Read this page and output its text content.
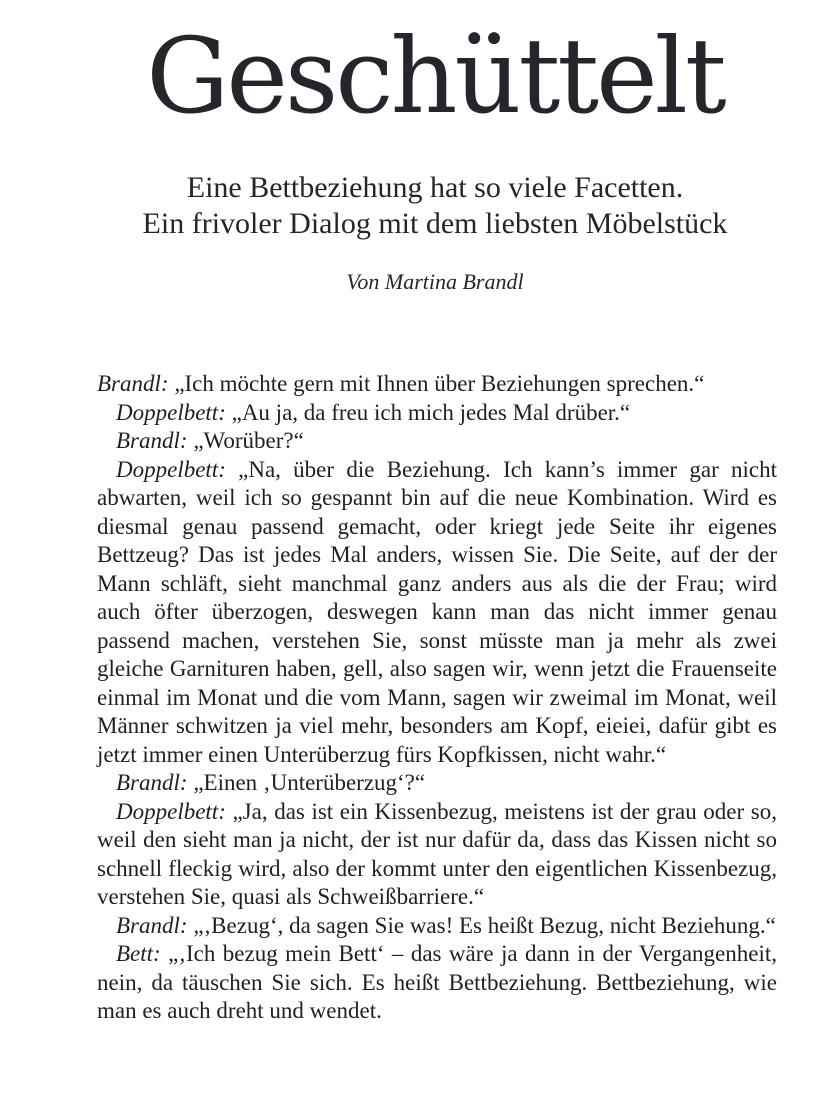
Geschüttelt
Eine Bettbeziehung hat so viele Facetten.
Ein frivoler Dialog mit dem liebsten Möbelstück

Von Martina Brandl

Brandl: „Ich möchte gern mit Ihnen über Beziehungen sprechen.“

Doppelbett: „Au ja, da freu ich mich jedes Mal drüber.“

Brandl: „Worüber?“

Doppelbett: „Na, über die Beziehung. Ich kann’s immer gar nicht abwarten, weil ich so gespannt bin auf die neue Kombination. Wird es diesmal genau passend gemacht, oder kriegt jede Seite ihr eigenes Bettzeug? Das ist jedes Mal anders, wissen Sie. Die Seite, auf der der Mann schläft, sieht manchmal ganz anders aus als die der Frau; wird auch öfter überzogen, deswegen kann man das nicht immer genau passend machen, verstehen Sie, sonst müsste man ja mehr als zwei gleiche Garnituren haben, gell, also sagen wir, wenn jetzt die Frauenseite einmal im Monat und die vom Mann, sagen wir zweimal im Monat, weil Männer schwitzen ja viel mehr, besonders am Kopf, eieiei, dafür gibt es jetzt immer einen Unterüberzug fürs Kopfkissen, nicht wahr.“

Brandl: „Einen ‚Unterüberzug‘?“

Doppelbett: „Ja, das ist ein Kissenbezug, meistens ist der grau oder so, weil den sieht man ja nicht, der ist nur dafür da, dass das Kissen nicht so schnell fleckig wird, also der kommt unter den eigentlichen Kissenbezug, verstehen Sie, quasi als Schweißbarriere.“

Brandl: „‚Bezug‘, da sagen Sie was! Es heißt Bezug, nicht Beziehung.“

Bett: „‚Ich bezug mein Bett‘ – das wäre ja dann in der Vergangenheit, nein, da täuschen Sie sich. Es heißt Bettbeziehung. Bettbeziehung, wie man es auch dreht und wendet.
